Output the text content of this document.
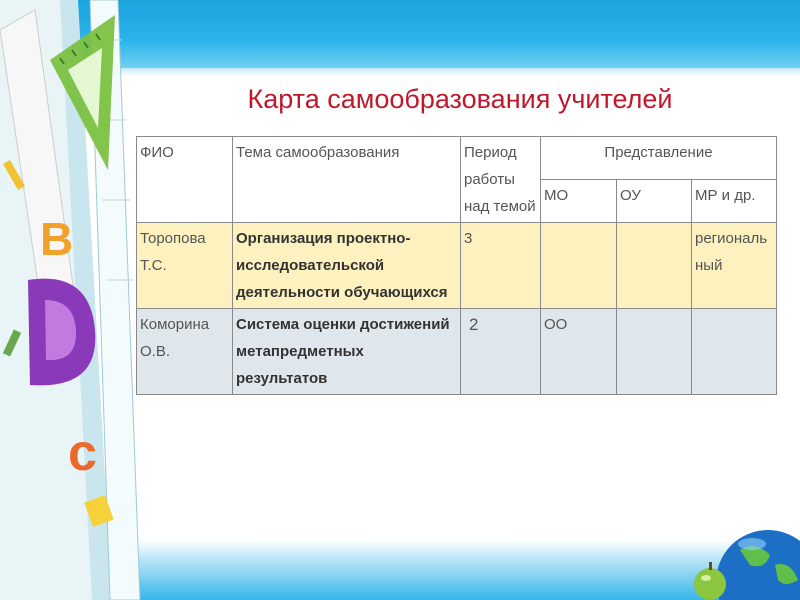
B
c
Карта самообразования учителей
ФИО	Тема самообразования	Период работы над темой	Представление		
			МО	ОУ	МР и др.
Торопова Т.С.	Организация проектно-исследовательской деятельности обучающихся	3			региональный
Коморина О.В.	Система оценки достижений метапредметных результатов	2	ОО		
